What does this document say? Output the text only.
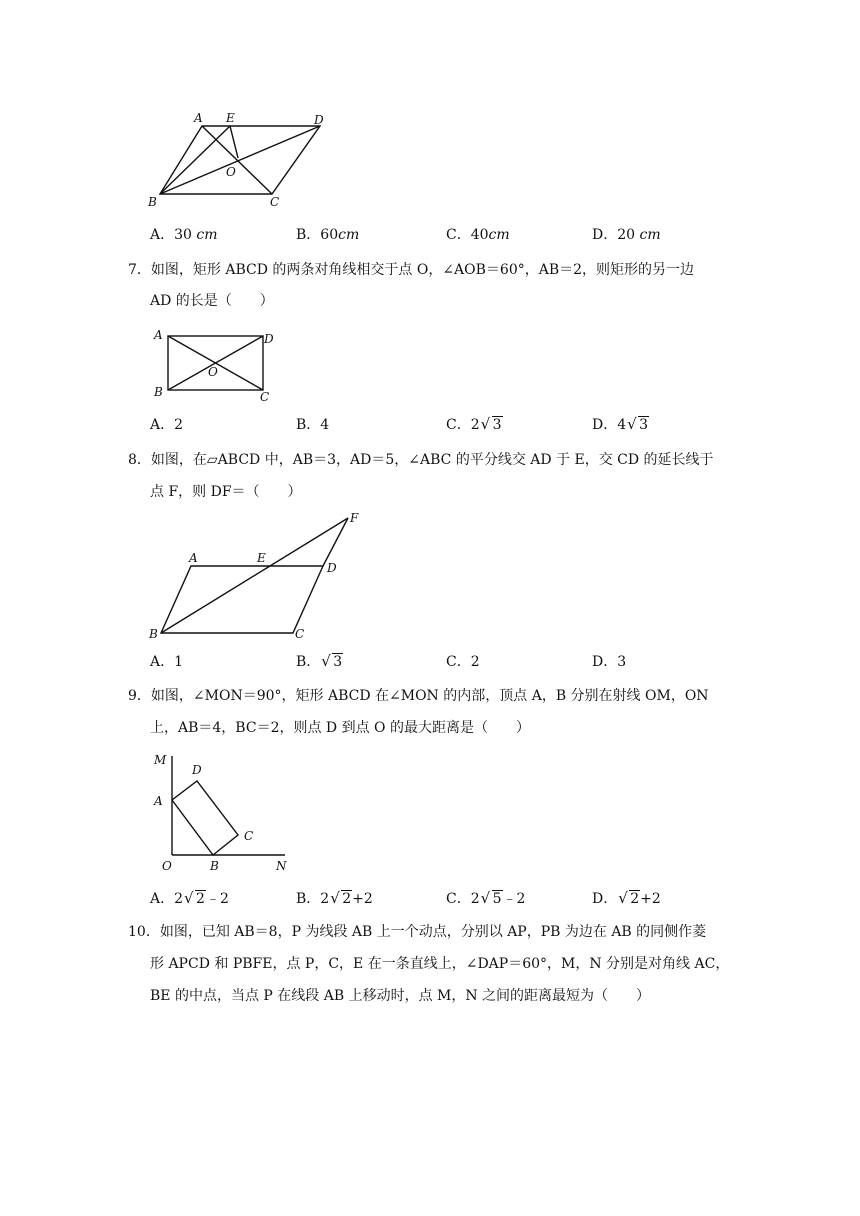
A E	D
O
B	C
A．30 cm	B．60cm	C．40cm	D．20 cm
7．如图，矩形 ABCD 的两条对角线相交于点 O，∠AOB＝60°，AB＝2，则矩形的另一边
AD 的长是（　　）
A	D
O
B	C
A．2	B．4	C．2 √ 3	D．4 √ 3
8．如图，在▱ABCD 中，AB＝3，AD＝5，∠ABC 的平分线交 AD 于 E，交 CD 的延长线于
点 F，则 DF＝（　　）
A	E
D
F
B	C
A．1	B． √ 3	C．2	D．3
9．如图，∠MON＝90°，矩形 ABCD 在∠MON 的内部，顶点 A，B 分别在射线 OM，ON
上，AB＝4，BC＝2，则点 D 到点 O 的最大距离是（　　）
M
D
A
C
O	B	N
A．2 √ 2﹣2	B．2 √ 2+2	C．2 √ 5﹣2	D． √ 2+2
10．如图，已知 AB＝8，P 为线段 AB 上一个动点，分别以 AP，PB 为边在 AB 的同侧作菱
形 APCD 和 PBFE，点 P，C，E 在一条直线上，∠DAP＝60°，M，N 分别是对角线 AC，
BE 的中点，当点 P 在线段 AB 上移动时，点 M，N 之间的距离最短为（　　）
